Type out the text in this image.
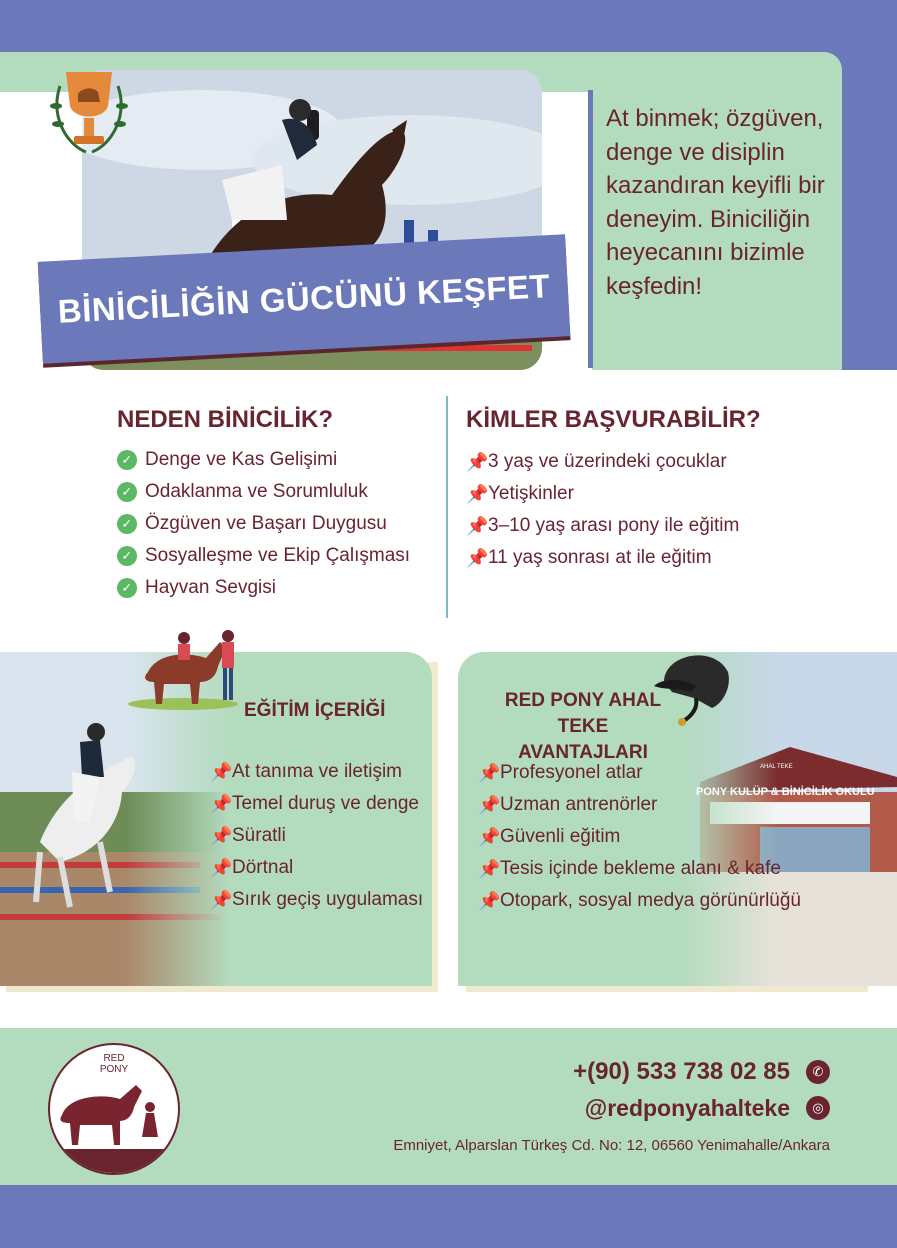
BİNİCİLİĞİN GÜCÜNÜ KEŞFET
At binmek; özgüven, denge ve disiplin kazandıran keyifli bir deneyim. Biniciliğin heyecanını bizimle keşfedin!
NEDEN BİNİCİLİK?
✓ Denge ve Kas Gelişimi
✓ Odaklanma ve Sorumluluk
✓ Özgüven ve Başarı Duygusu
✓ Sosyalleşme ve Ekip Çalışması
✓ Hayvan Sevgisi
KİMLER BAŞVURABİLİR?
📌 3 yaş ve üzerindeki çocuklar
📌 Yetişkinler
📌 3–10 yaş arası pony ile eğitim
📌 11 yaş sonrası at ile eğitim
EĞİTİM İÇERİĞİ
📌 At tanıma ve iletişim
📌 Temel duruş ve denge
📌 Süratli
📌 Dörtnal
📌 Sırık geçiş uygulaması
PONY KULÜP & BİNİCİLİK OKULU
AHAL TEKE
RED PONY AHAL TEKE
AVANTAJLARI
📌 Profesyonel atlar
📌 Uzman antrenörler
📌 Güvenli eğitim
📌 Tesis içinde bekleme alanı & kafe
📌 Otopark, sosyal medya görünürlüğü
RED
PONY	+(90) 533 738 02 85	✆
@redponyahalteke	◎
Emniyet, Alparslan Türkeş Cd. No: 12, 06560 Yenimahalle/Ankara
